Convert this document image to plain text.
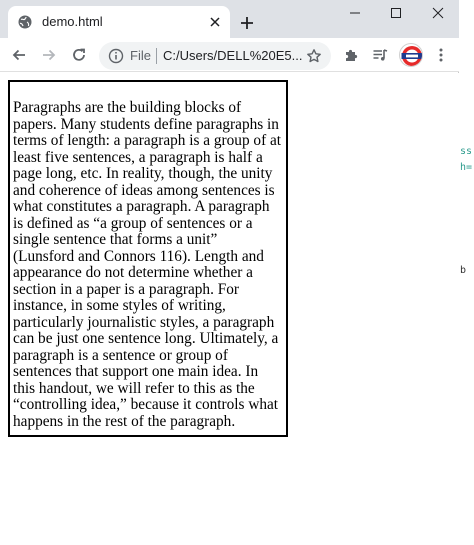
ss
h=
b
demo.html
File C:/Users/DELL%20E5...

Paragraphs are the building blocks of papers. Many students define paragraphs in terms of length: a paragraph is a group of at least five sentences, a paragraph is half a page long, etc. In reality, though, the unity and coherence of ideas among sentences is what constitutes a paragraph. A paragraph is defined as “a group of sentences or a single sentence that forms a unit” (Lunsford and Connors 116). Length and appearance do not determine whether a section in a paper is a paragraph. For instance, in some styles of writing, particularly journalistic styles, a paragraph can be just one sentence long. Ultimately, a paragraph is a sentence or group of sentences that support one main idea. In this handout, we will refer to this as the “controlling idea,” because it controls what happens in the rest of the paragraph.
